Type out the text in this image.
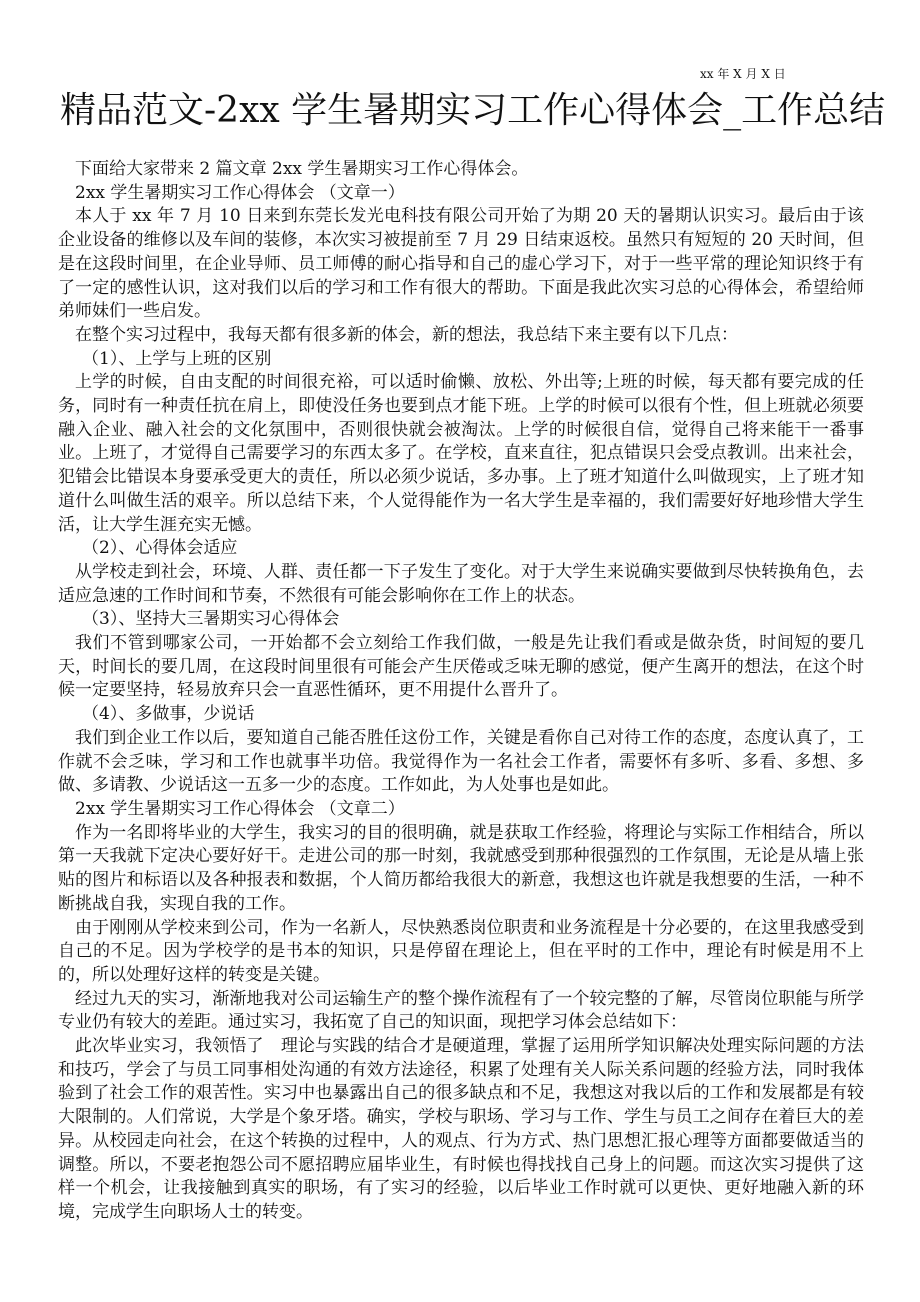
xx 年 X 月 X 日
精品范文-2xx 学生暑期实习工作心得体会_工作总结

下面给大家带来 2 篇文章 2xx 学生暑期实习工作心得体会。

2xx 学生暑期实习工作心得体会 （文章一）

本人于 xx 年 7 月 10 日来到东莞长发光电科技有限公司开始了为期 20 天的暑期认识实习。最后由于该企业设备的维修以及车间的装修，本次实习被提前至 7 月 29 日结束返校。虽然只有短短的 20 天时间，但是在这段时间里，在企业导师、员工师傅的耐心指导和自己的虚心学习下，对于一些平常的理论知识终于有了一定的感性认识，这对我们以后的学习和工作有很大的帮助。下面是我此次实习总的心得体会，希望给师弟师妹们一些启发。

在整个实习过程中，我每天都有很多新的体会，新的想法，我总结下来主要有以下几点：

（1）、上学与上班的区别

上学的时候，自由支配的时间很充裕，可以适时偷懒、放松、外出等;上班的时候，每天都有要完成的任务，同时有一种责任抗在肩上，即使没任务也要到点才能下班。上学的时候可以很有个性，但上班就必须要融入企业、融入社会的文化氛围中，否则很快就会被淘汰。上学的时候很自信，觉得自己将来能干一番事业。上班了，才觉得自己需要学习的东西太多了。在学校，直来直往，犯点错误只会受点教训。出来社会，犯错会比错误本身要承受更大的责任，所以必须少说话，多办事。上了班才知道什么叫做现实，上了班才知道什么叫做生活的艰辛。所以总结下来，个人觉得能作为一名大学生是幸福的，我们需要好好地珍惜大学生活，让大学生涯充实无憾。

（2）、心得体会适应

从学校走到社会，环境、人群、责任都一下子发生了变化。对于大学生来说确实要做到尽快转换角色，去适应急速的工作时间和节奏，不然很有可能会影响你在工作上的状态。

（3）、坚持大三暑期实习心得体会

我们不管到哪家公司，一开始都不会立刻给工作我们做，一般是先让我们看或是做杂货，时间短的要几天，时间长的要几周，在这段时间里很有可能会产生厌倦或乏味无聊的感觉，便产生离开的想法，在这个时候一定要坚持，轻易放弃只会一直恶性循环，更不用提什么晋升了。

（4）、多做事，少说话

我们到企业工作以后，要知道自己能否胜任这份工作，关键是看你自己对待工作的态度，态度认真了，工作就不会乏味，学习和工作也就事半功倍。我觉得作为一名社会工作者，需要怀有多听、多看、多想、多做、多请教、少说话这一五多一少的态度。工作如此，为人处事也是如此。

2xx 学生暑期实习工作心得体会 （文章二）

作为一名即将毕业的大学生，我实习的目的很明确，就是获取工作经验，将理论与实际工作相结合，所以第一天我就下定决心要好好干。走进公司的那一时刻，我就感受到那种很强烈的工作氛围，无论是从墙上张贴的图片和标语以及各种报表和数据，个人简历都给我很大的新意，我想这也许就是我想要的生活，一种不断挑战自我，实现自我的工作。

由于刚刚从学校来到公司，作为一名新人，尽快熟悉岗位职责和业务流程是十分必要的，在这里我感受到自己的不足。因为学校学的是书本的知识，只是停留在理论上，但在平时的工作中，理论有时候是用不上的，所以处理好这样的转变是关键。

经过九天的实习，渐渐地我对公司运输生产的整个操作流程有了一个较完整的了解，尽管岗位职能与所学专业仍有较大的差距。通过实习，我拓宽了自己的知识面，现把学习体会总结如下：

此次毕业实习，我领悟了　理论与实践的结合才是硬道理，掌握了运用所学知识解决处理实际问题的方法和技巧，学会了与员工同事相处沟通的有效方法途径，积累了处理有关人际关系问题的经验方法，同时我体验到了社会工作的艰苦性。实习中也暴露出自己的很多缺点和不足，我想这对我以后的工作和发展都是有较大限制的。人们常说，大学是个象牙塔。确实，学校与职场、学习与工作、学生与员工之间存在着巨大的差异。从校园走向社会，在这个转换的过程中，人的观点、行为方式、热门思想汇报心理等方面都要做适当的调整。所以，不要老抱怨公司不愿招聘应届毕业生，有时候也得找找自己身上的问题。而这次实习提供了这样一个机会，让我接触到真实的职场，有了实习的经验，以后毕业工作时就可以更快、更好地融入新的环境，完成学生向职场人士的转变。
